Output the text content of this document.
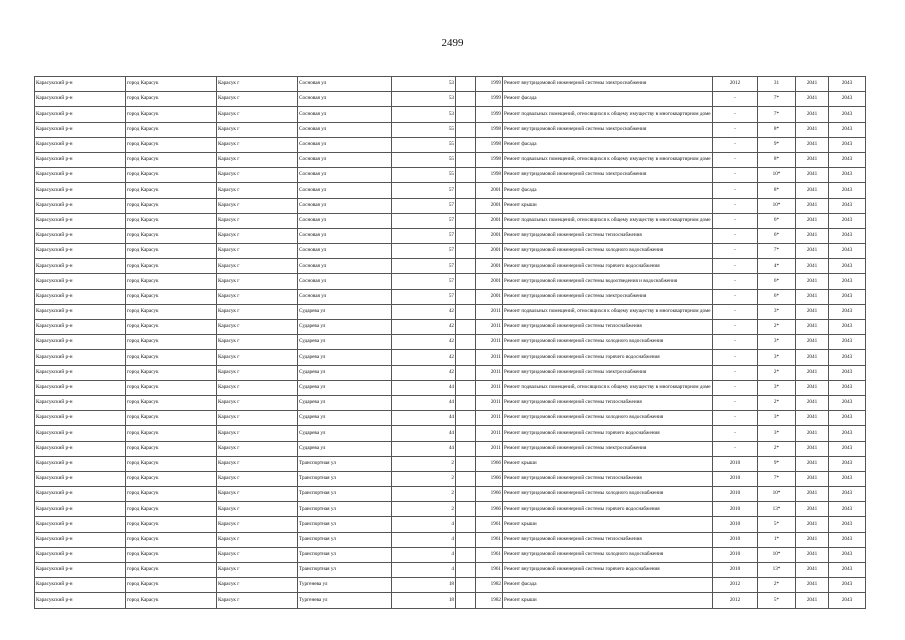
2499
Карасукский р-н	город Карасук	Карасук г	Сосновая ул	53		1999	Ремонт внутридомовой инженерной системы электроснабжения	2012	31	2041	2043
Карасукский р-н	город Карасук	Карасук г	Сосновая ул	53		1999	Ремонт фасада	-	7*	2041	2043
Карасукский р-н	город Карасук	Карасук г	Сосновая ул	53		1999	Ремонт подвальных помещений, относящихся к общему имуществу в многоквартирном доме	-	7*	2041	2043
Карасукский р-н	город Карасук	Карасук г	Сосновая ул	55		1998	Ремонт внутридомовой инженерной системы электроснабжения	-	8*	2041	2043
Карасукский р-н	город Карасук	Карасук г	Сосновая ул	55		1998	Ремонт фасада	-	9*	2041	2043
Карасукский р-н	город Карасук	Карасук г	Сосновая ул	55		1998	Ремонт подвальных помещений, относящихся к общему имуществу в многоквартирном доме	-	8*	2041	2043
Карасукский р-н	город Карасук	Карасук г	Сосновая ул	55		1998	Ремонт внутридомовой инженерной системы электроснабжения	-	10*	2041	2043
Карасукский р-н	город Карасук	Карасук г	Сосновая ул	57		2001	Ремонт фасада	-	8*	2041	2043
Карасукский р-н	город Карасук	Карасук г	Сосновая ул	57		2001	Ремонт крыши	-	10*	2041	2043
Карасукский р-н	город Карасук	Карасук г	Сосновая ул	57		2001	Ремонт подвальных помещений, относящихся к общему имуществу в многоквартирном доме	-	6*	2041	2043
Карасукский р-н	город Карасук	Карасук г	Сосновая ул	57		2001	Ремонт внутридомовой инженерной системы теплоснабжения	-	6*	2041	2043
Карасукский р-н	город Карасук	Карасук г	Сосновая ул	57		2001	Ремонт внутридомовой инженерной системы холодного водоснабжения	-	7*	2041	2043
Карасукский р-н	город Карасук	Карасук г	Сосновая ул	57		2001	Ремонт внутридомовой инженерной системы горячего водоснабжения	-	4*	2041	2043
Карасукский р-н	город Карасук	Карасук г	Сосновая ул	57		2001	Ремонт внутридомовой инженерной системы водоотведения и водоснабжения	-	6*	2041	2043
Карасукский р-н	город Карасук	Карасук г	Сосновая ул	57		2001	Ремонт внутридомовой инженерной системы электроснабжения	-	6*	2041	2043
Карасукский р-н	город Карасук	Карасук г	Сударева ул	42		2011	Ремонт подвальных помещений, относящихся к общему имуществу в многоквартирном доме	-	3*	2041	2043
Карасукский р-н	город Карасук	Карасук г	Сударева ул	42		2011	Ремонт внутридомовой инженерной системы теплоснабжения	-	2*	2041	2043
Карасукский р-н	город Карасук	Карасук г	Сударева ул	42		2011	Ремонт внутридомовой инженерной системы холодного водоснабжения	-	3*	2041	2043
Карасукский р-н	город Карасук	Карасук г	Сударева ул	42		2011	Ремонт внутридомовой инженерной системы горячего водоснабжения	-	3*	2041	2043
Карасукский р-н	город Карасук	Карасук г	Сударева ул	42		2011	Ремонт внутридомовой инженерной системы электроснабжения	-	2*	2041	2043
Карасукский р-н	город Карасук	Карасук г	Сударева ул	44		2011	Ремонт подвальных помещений, относящихся к общему имуществу в многоквартирном доме	-	3*	2041	2043
Карасукский р-н	город Карасук	Карасук г	Сударева ул	44		2011	Ремонт внутридомовой инженерной системы теплоснабжения	-	2*	2041	2043
Карасукский р-н	город Карасук	Карасук г	Сударева ул	44		2011	Ремонт внутридомовой инженерной системы холодного водоснабжения	-	3*	2041	2043
Карасукский р-н	город Карасук	Карасук г	Сударева ул	44		2011	Ремонт внутридомовой инженерной системы горячего водоснабжения	-	3*	2041	2043
Карасукский р-н	город Карасук	Карасук г	Сударева ул	44		2011	Ремонт внутридомовой инженерной системы электроснабжения	-	2*	2041	2043
Карасукский р-н	город Карасук	Карасук г	Транспортная ул	2		1966	Ремонт крыши	2010	9*	2041	2043
Карасукский р-н	город Карасук	Карасук г	Транспортная ул	2		1966	Ремонт внутридомовой инженерной системы теплоснабжения	2010	7*	2041	2043
Карасукский р-н	город Карасук	Карасук г	Транспортная ул	2		1966	Ремонт внутридомовой инженерной системы холодного водоснабжения	2010	10*	2041	2043
Карасукский р-н	город Карасук	Карасук г	Транспортная ул	2		1966	Ремонт внутридомовой инженерной системы горячего водоснабжения	2010	13*	2041	2043
Карасукский р-н	город Карасук	Карасук г	Транспортная ул	4		1961	Ремонт крыши	2010	5*	2041	2043
Карасукский р-н	город Карасук	Карасук г	Транспортная ул	4		1961	Ремонт внутридомовой инженерной системы теплоснабжения	2010	1*	2041	2043
Карасукский р-н	город Карасук	Карасук г	Транспортная ул	4		1961	Ремонт внутридомовой инженерной системы холодного водоснабжения	2010	10*	2041	2043
Карасукский р-н	город Карасук	Карасук г	Транспортная ул	4		1961	Ремонт внутридомовой инженерной системы горячего водоснабжения	2010	13*	2041	2043
Карасукский р-н	город Карасук	Карасук г	Тургенева ул	18		1982	Ремонт фасада	2012	2*	2041	2043
Карасукский р-н	город Карасук	Карасук г	Тургенева ул	18		1982	Ремонт крыши	2012	5*	2041	2043
